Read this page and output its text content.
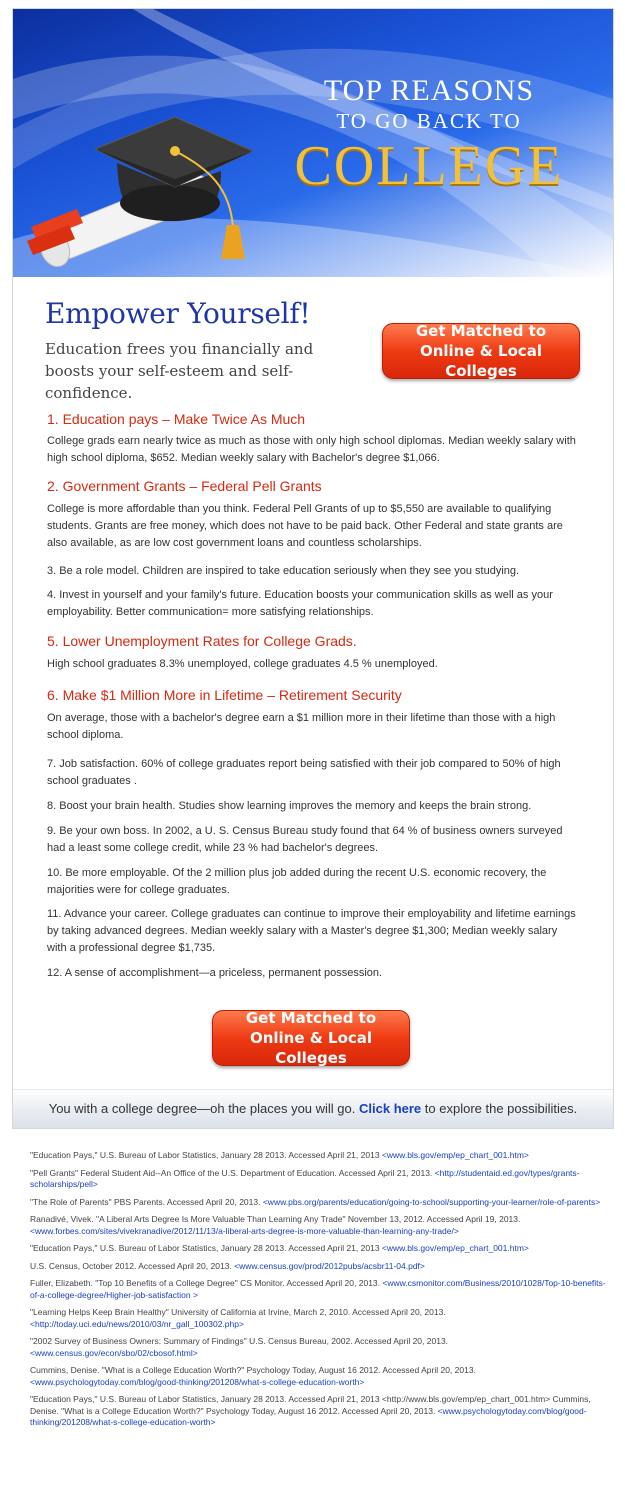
TOP REASONS
TO GO BACK TO
COLLEGE
Empower Yourself!

Education frees you financially and boosts your self-esteem and self-confidence.

Get Matched to
Online & Local Colleges
1. Education pays – Make Twice As Much

College grads earn nearly twice as much as those with only high school diplomas. Median weekly salary with high school diploma, $652. Median weekly salary with Bachelor's degree $1,066.

2. Government Grants – Federal Pell Grants

College is more affordable than you think. Federal Pell Grants of up to $5,550 are available to qualifying students. Grants are free money, which does not have to be paid back. Other Federal and state grants are also available, as are low cost government loans and countless scholarships.

3. Be a role model. Children are inspired to take education seriously when they see you studying.

4. Invest in yourself and your family's future. Education boosts your communication skills as well as your employability. Better communication= more satisfying relationships.

5. Lower Unemployment Rates for College Grads.

High school graduates 8.3% unemployed, college graduates 4.5 % unemployed.

6. Make $1 Million More in Lifetime – Retirement Security

On average, those with a bachelor's degree earn a $1 million more in their lifetime than those with a high school diploma.

7. Job satisfaction. 60% of college graduates report being satisfied with their job compared to 50% of high school graduates .

8. Boost your brain health. Studies show learning improves the memory and keeps the brain strong.

9. Be your own boss. In 2002, a U. S. Census Bureau study found that 64 % of business owners surveyed had a least some college credit, while 23 % had bachelor's degrees.

10. Be more employable. Of the 2 million plus job added during the recent U.S. economic recovery, the majorities were for college graduates.

11. Advance your career. College graduates can continue to improve their employability and lifetime earnings by taking advanced degrees. Median weekly salary with a Master's degree $1,300; Median weekly salary with a professional degree $1,735.

12. A sense of accomplishment—a priceless, permanent possession.

Get Matched to
Online & Local Colleges
You with a college degree—oh the places you will go. Click here to explore the possibilities.

"Education Pays," U.S. Bureau of Labor Statistics, January 28 2013. Accessed April 21, 2013 <www.bls.gov/emp/ep_chart_001.htm>

"Pell Grants" Federal Student Aid--An Office of the U.S. Department of Education. Accessed April 21, 2013. <http://studentaid.ed.gov/types/grants-scholarships/pell>

"The Role of Parents" PBS Parents. Accessed April 20, 2013. <www.pbs.org/parents/education/going-to-school/supporting-your-learner/role-of-parents>

Ranadivé, Vivek. "A Liberal Arts Degree Is More Valuable Than Learning Any Trade" November 13, 2012. Accessed April 19, 2013. <www.forbes.com/sites/vivekranadive/2012/11/13/a-liberal-arts-degree-is-more-valuable-than-learning-any-trade/>

"Education Pays," U.S. Bureau of Labor Statistics, January 28 2013. Accessed April 21, 2013 <www.bls.gov/emp/ep_chart_001.htm>

U.S. Census, October 2012. Accessed April 20, 2013. <www.census.gov/prod/2012pubs/acsbr11-04.pdf>

Fuller, Elizabeth. "Top 10 Benefits of a College Degree" CS Monitor. Accessed April 20, 2013. <www.csmonitor.com/Business/2010/1028/Top-10-benefits-of-a-college-degree/Higher-job-satisfaction >

"Learning Helps Keep Brain Healthy" University of California at Irvine, March 2, 2010. Accessed April 20, 2013. <http://today.uci.edu/news/2010/03/nr_gall_100302.php>

"2002 Survey of Business Owners: Summary of Findings" U.S. Census Bureau, 2002. Accessed April 20, 2013. <www.census.gov/econ/sbo/02/cbosof.html>

Cummins, Denise. "What is a College Education Worth?" Psychology Today, August 16 2012. Accessed April 20, 2013. <www.psychologytoday.com/blog/good-thinking/201208/what-s-college-education-worth>

"Education Pays," U.S. Bureau of Labor Statistics, January 28 2013. Accessed April 21, 2013 <http://www.bls.gov/emp/ep_chart_001.htm> Cummins, Denise. "What is a College Education Worth?" Psychology Today, August 16 2012. Accessed April 20, 2013. <www.psychologytoday.com/blog/good-thinking/201208/what-s-college-education-worth>
